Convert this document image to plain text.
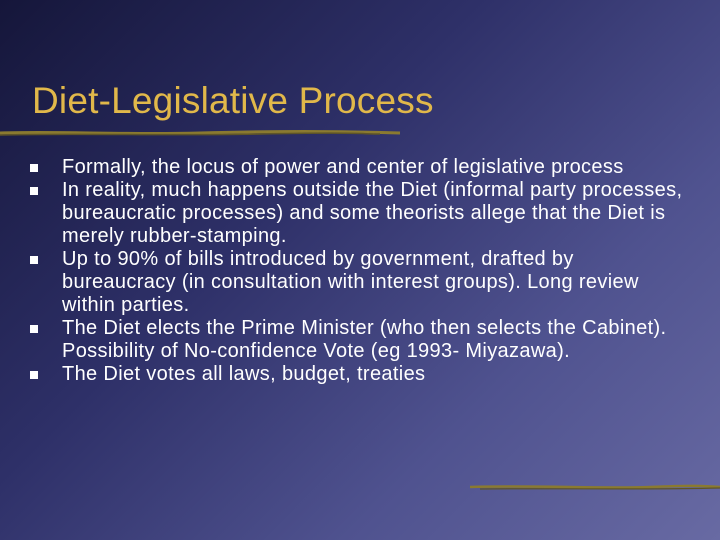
Diet-Legislative Process
Formally, the locus of power and center of legislative process
In reality, much happens outside the Diet (informal party processes, bureaucratic processes) and some theorists allege that the Diet is merely rubber-stamping.
Up to 90% of bills introduced by government, drafted by bureaucracy (in consultation with interest groups). Long review within parties.
The Diet elects the Prime Minister (who then selects the Cabinet). Possibility of No-confidence Vote (eg 1993- Miyazawa).
The Diet votes all laws, budget, treaties
